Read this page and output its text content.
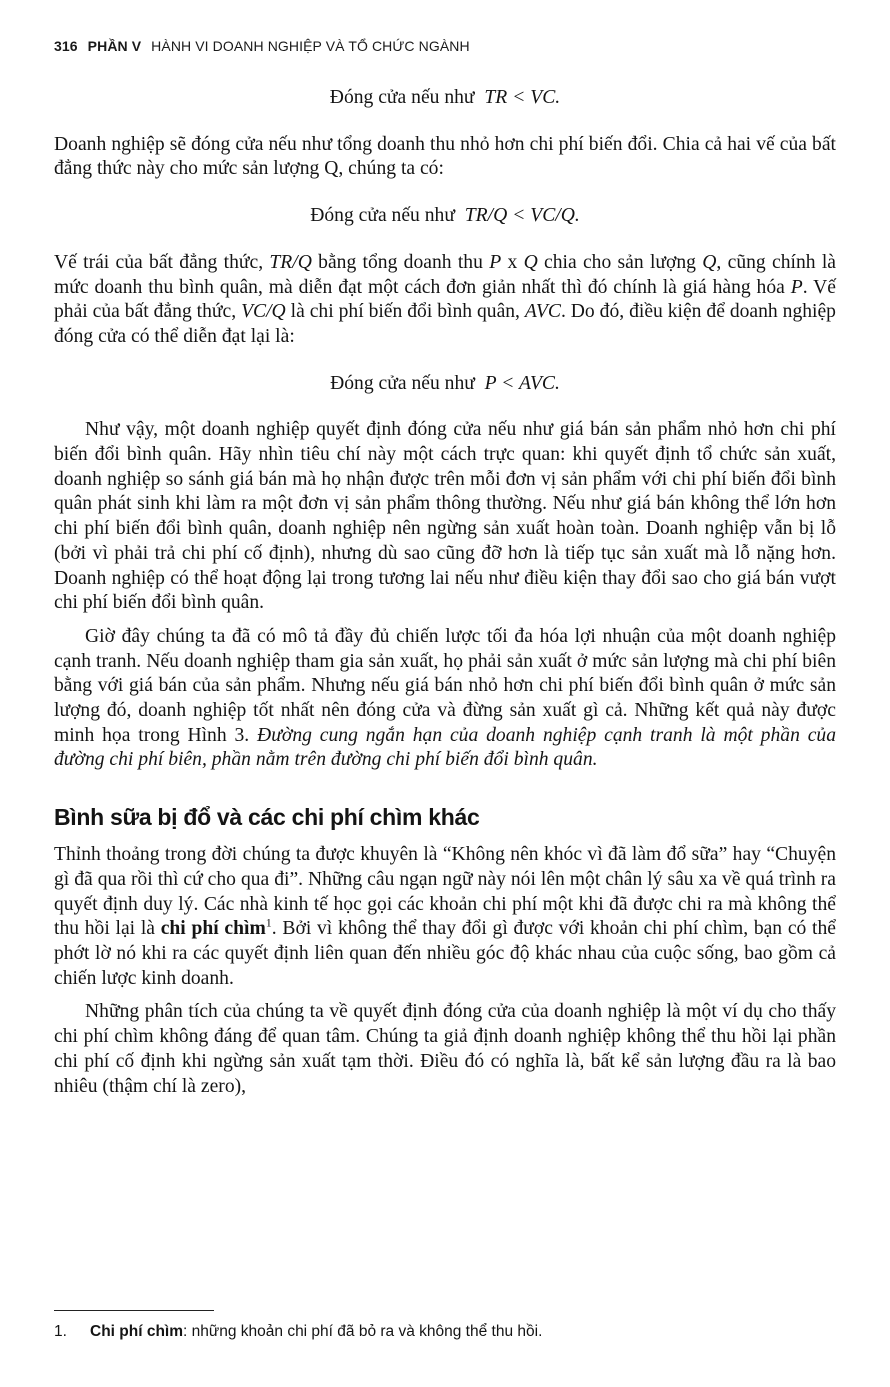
316 PHẦN V HÀNH VI DOANH NGHIỆP VÀ TỔ CHỨC NGÀNH

Đóng cửa nếu như TR < VC.

Doanh nghiệp sẽ đóng cửa nếu như tổng doanh thu nhỏ hơn chi phí biến đổi. Chia cả hai vế của bất đẳng thức này cho mức sản lượng Q, chúng ta có:

Đóng cửa nếu như TR/Q < VC/Q.

Vế trái của bất đẳng thức, TR/Q bằng tổng doanh thu P x Q chia cho sản lượng Q, cũng chính là mức doanh thu bình quân, mà diễn đạt một cách đơn giản nhất thì đó chính là giá hàng hóa P. Vế phải của bất đẳng thức, VC/Q là chi phí biến đổi bình quân, AVC. Do đó, điều kiện để doanh nghiệp đóng cửa có thể diễn đạt lại là:

Đóng cửa nếu như P < AVC.

Như vậy, một doanh nghiệp quyết định đóng cửa nếu như giá bán sản phẩm nhỏ hơn chi phí biến đổi bình quân. Hãy nhìn tiêu chí này một cách trực quan: khi quyết định tổ chức sản xuất, doanh nghiệp so sánh giá bán mà họ nhận được trên mỗi đơn vị sản phẩm với chi phí biến đổi bình quân phát sinh khi làm ra một đơn vị sản phẩm thông thường. Nếu như giá bán không thể lớn hơn chi phí biến đổi bình quân, doanh nghiệp nên ngừng sản xuất hoàn toàn. Doanh nghiệp vẫn bị lỗ (bởi vì phải trả chi phí cố định), nhưng dù sao cũng đỡ hơn là tiếp tục sản xuất mà lỗ nặng hơn. Doanh nghiệp có thể hoạt động lại trong tương lai nếu như điều kiện thay đổi sao cho giá bán vượt chi phí biến đổi bình quân.

Giờ đây chúng ta đã có mô tả đầy đủ chiến lược tối đa hóa lợi nhuận của một doanh nghiệp cạnh tranh. Nếu doanh nghiệp tham gia sản xuất, họ phải sản xuất ở mức sản lượng mà chi phí biên bằng với giá bán của sản phẩm. Nhưng nếu giá bán nhỏ hơn chi phí biến đổi bình quân ở mức sản lượng đó, doanh nghiệp tốt nhất nên đóng cửa và đừng sản xuất gì cả. Những kết quả này được minh họa trong Hình 3. Đường cung ngắn hạn của doanh nghiệp cạnh tranh là một phần của đường chi phí biên, phần nằm trên đường chi phí biến đổi bình quân.

Bình sữa bị đổ và các chi phí chìm khác

Thỉnh thoảng trong đời chúng ta được khuyên là “Không nên khóc vì đã làm đổ sữa” hay “Chuyện gì đã qua rồi thì cứ cho qua đi”. Những câu ngạn ngữ này nói lên một chân lý sâu xa về quá trình ra quyết định duy lý. Các nhà kinh tế học gọi các khoản chi phí một khi đã được chi ra mà không thể thu hồi lại là chi phí chìm$^1$. Bởi vì không thể thay đổi gì được với khoản chi phí chìm, bạn có thể phớt lờ nó khi ra các quyết định liên quan đến nhiều góc độ khác nhau của cuộc sống, bao gồm cả chiến lược kinh doanh.

Những phân tích của chúng ta về quyết định đóng cửa của doanh nghiệp là một ví dụ cho thấy chi phí chìm không đáng để quan tâm. Chúng ta giả định doanh nghiệp không thể thu hồi lại phần chi phí cố định khi ngừng sản xuất tạm thời. Điều đó có nghĩa là, bất kể sản lượng đầu ra là bao nhiêu (thậm chí là zero),

1. Chi phí chìm: những khoản chi phí đã bỏ ra và không thể thu hồi.
